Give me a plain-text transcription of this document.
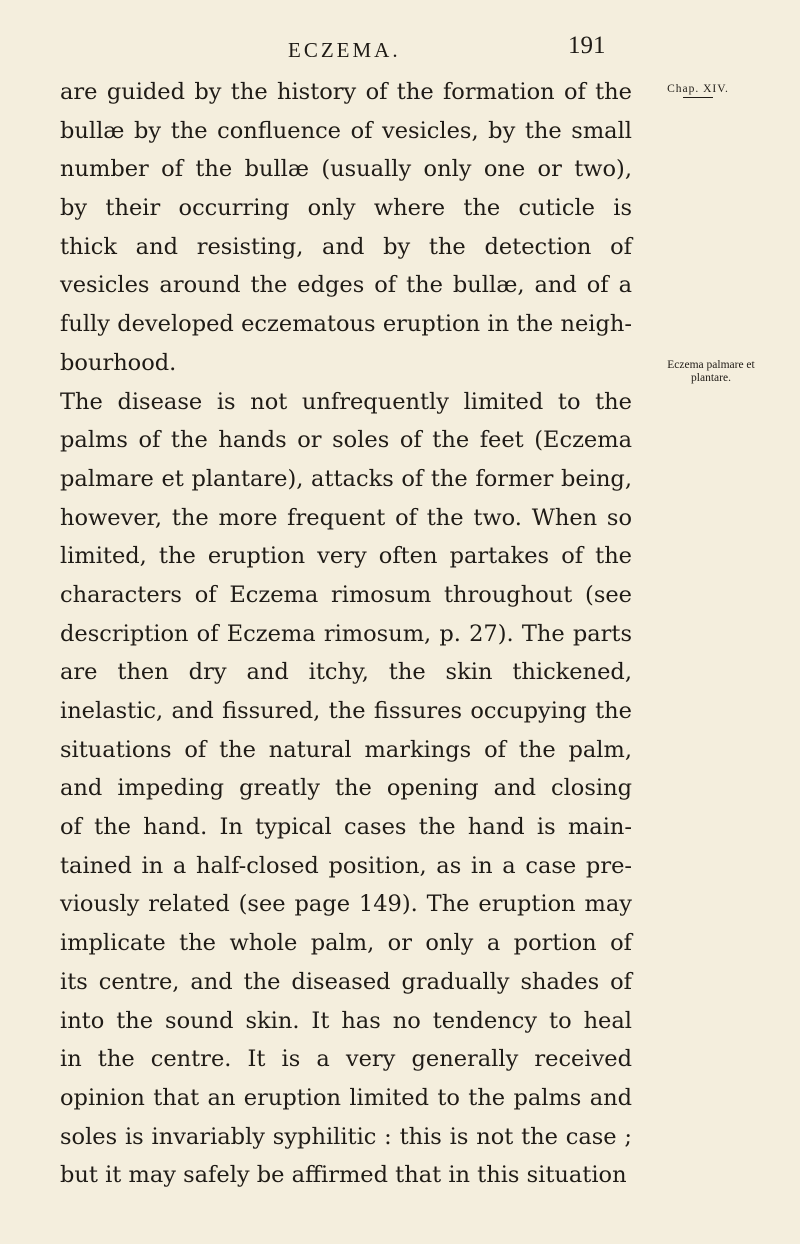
ECZEMA.	191
Chap. XIV.
Eczema palmare et
plantare.
are guided by the history of the formation of the
bullæ by the confluence of vesicles, by the small
number of the bullæ (usually only one or two),
by their occurring only where the cuticle is
thick and resisting, and by the detection of
vesicles around the edges of the bullæ, and of a
fully developed eczematous eruption in the neigh-
bourhood.
The disease is not unfrequently limited to the
palms of the hands or soles of the feet (Eczema
palmare et plantare), attacks of the former being,
however, the more frequent of the two. When so
limited, the eruption very often partakes of the
characters of Eczema rimosum throughout (see
description of Eczema rimosum, p. 27). The parts
are then dry and itchy, the skin thickened,
inelastic, and fissured, the fissures occupying the
situations of the natural markings of the palm,
and impeding greatly the opening and closing
of the hand. In typical cases the hand is main-
tained in a half-closed position, as in a case pre-
viously related (see page 149). The eruption may
implicate the whole palm, or only a portion of
its centre, and the diseased gradually shades of
into the sound skin. It has no tendency to heal
in the centre. It is a very generally received
opinion that an eruption limited to the palms and
soles is invariably syphilitic : this is not the case ;
but it may safely be affirmed that in this situation
